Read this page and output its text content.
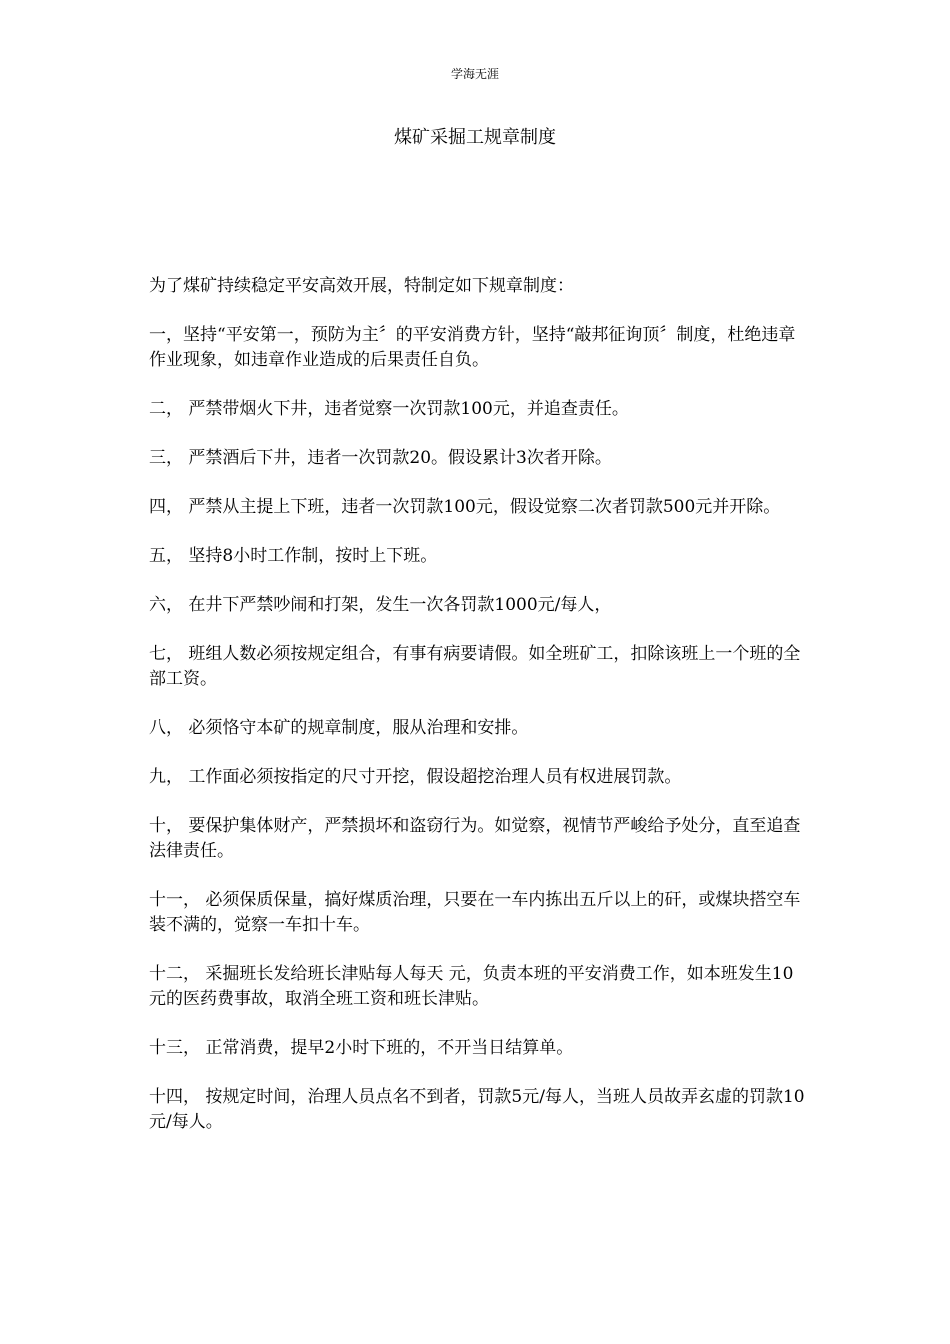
学海无涯
煤矿采掘工规章制度

为了煤矿持续稳定平安高效开展，特制定如下规章制度：

一，坚持“平安第一，预防为主〞的平安消费方针，坚持“敲邦征询顶〞制度，杜绝违章作业现象，如违章作业造成的后果责任自负。

二， 严禁带烟火下井，违者觉察一次罚款100元，并追查责任。

三， 严禁酒后下井，违者一次罚款20。假设累计3次者开除。

四， 严禁从主提上下班，违者一次罚款100元，假设觉察二次者罚款500元并开除。

五， 坚持8小时工作制，按时上下班。

六， 在井下严禁吵闹和打架，发生一次各罚款1000元/每人，

七， 班组人数必须按规定组合，有事有病要请假。如全班矿工，扣除该班上一个班的全部工资。

八， 必须恪守本矿的规章制度，服从治理和安排。

九， 工作面必须按指定的尺寸开挖，假设超挖治理人员有权进展罚款。

十， 要保护集体财产，严禁损坏和盗窃行为。如觉察，视情节严峻给予处分，直至追查法律责任。

十一， 必须保质保量，搞好煤质治理，只要在一车内拣出五斤以上的矸，或煤块搭空车装不满的，觉察一车扣十车。

十二， 采掘班长发给班长津贴每人每天 元，负责本班的平安消费工作，如本班发生10元的医药费事故，取消全班工资和班长津贴。

十三， 正常消费，提早2小时下班的，不开当日结算单。

十四， 按规定时间，治理人员点名不到者，罚款5元/每人，当班人员故弄玄虚的罚款10元/每人。
